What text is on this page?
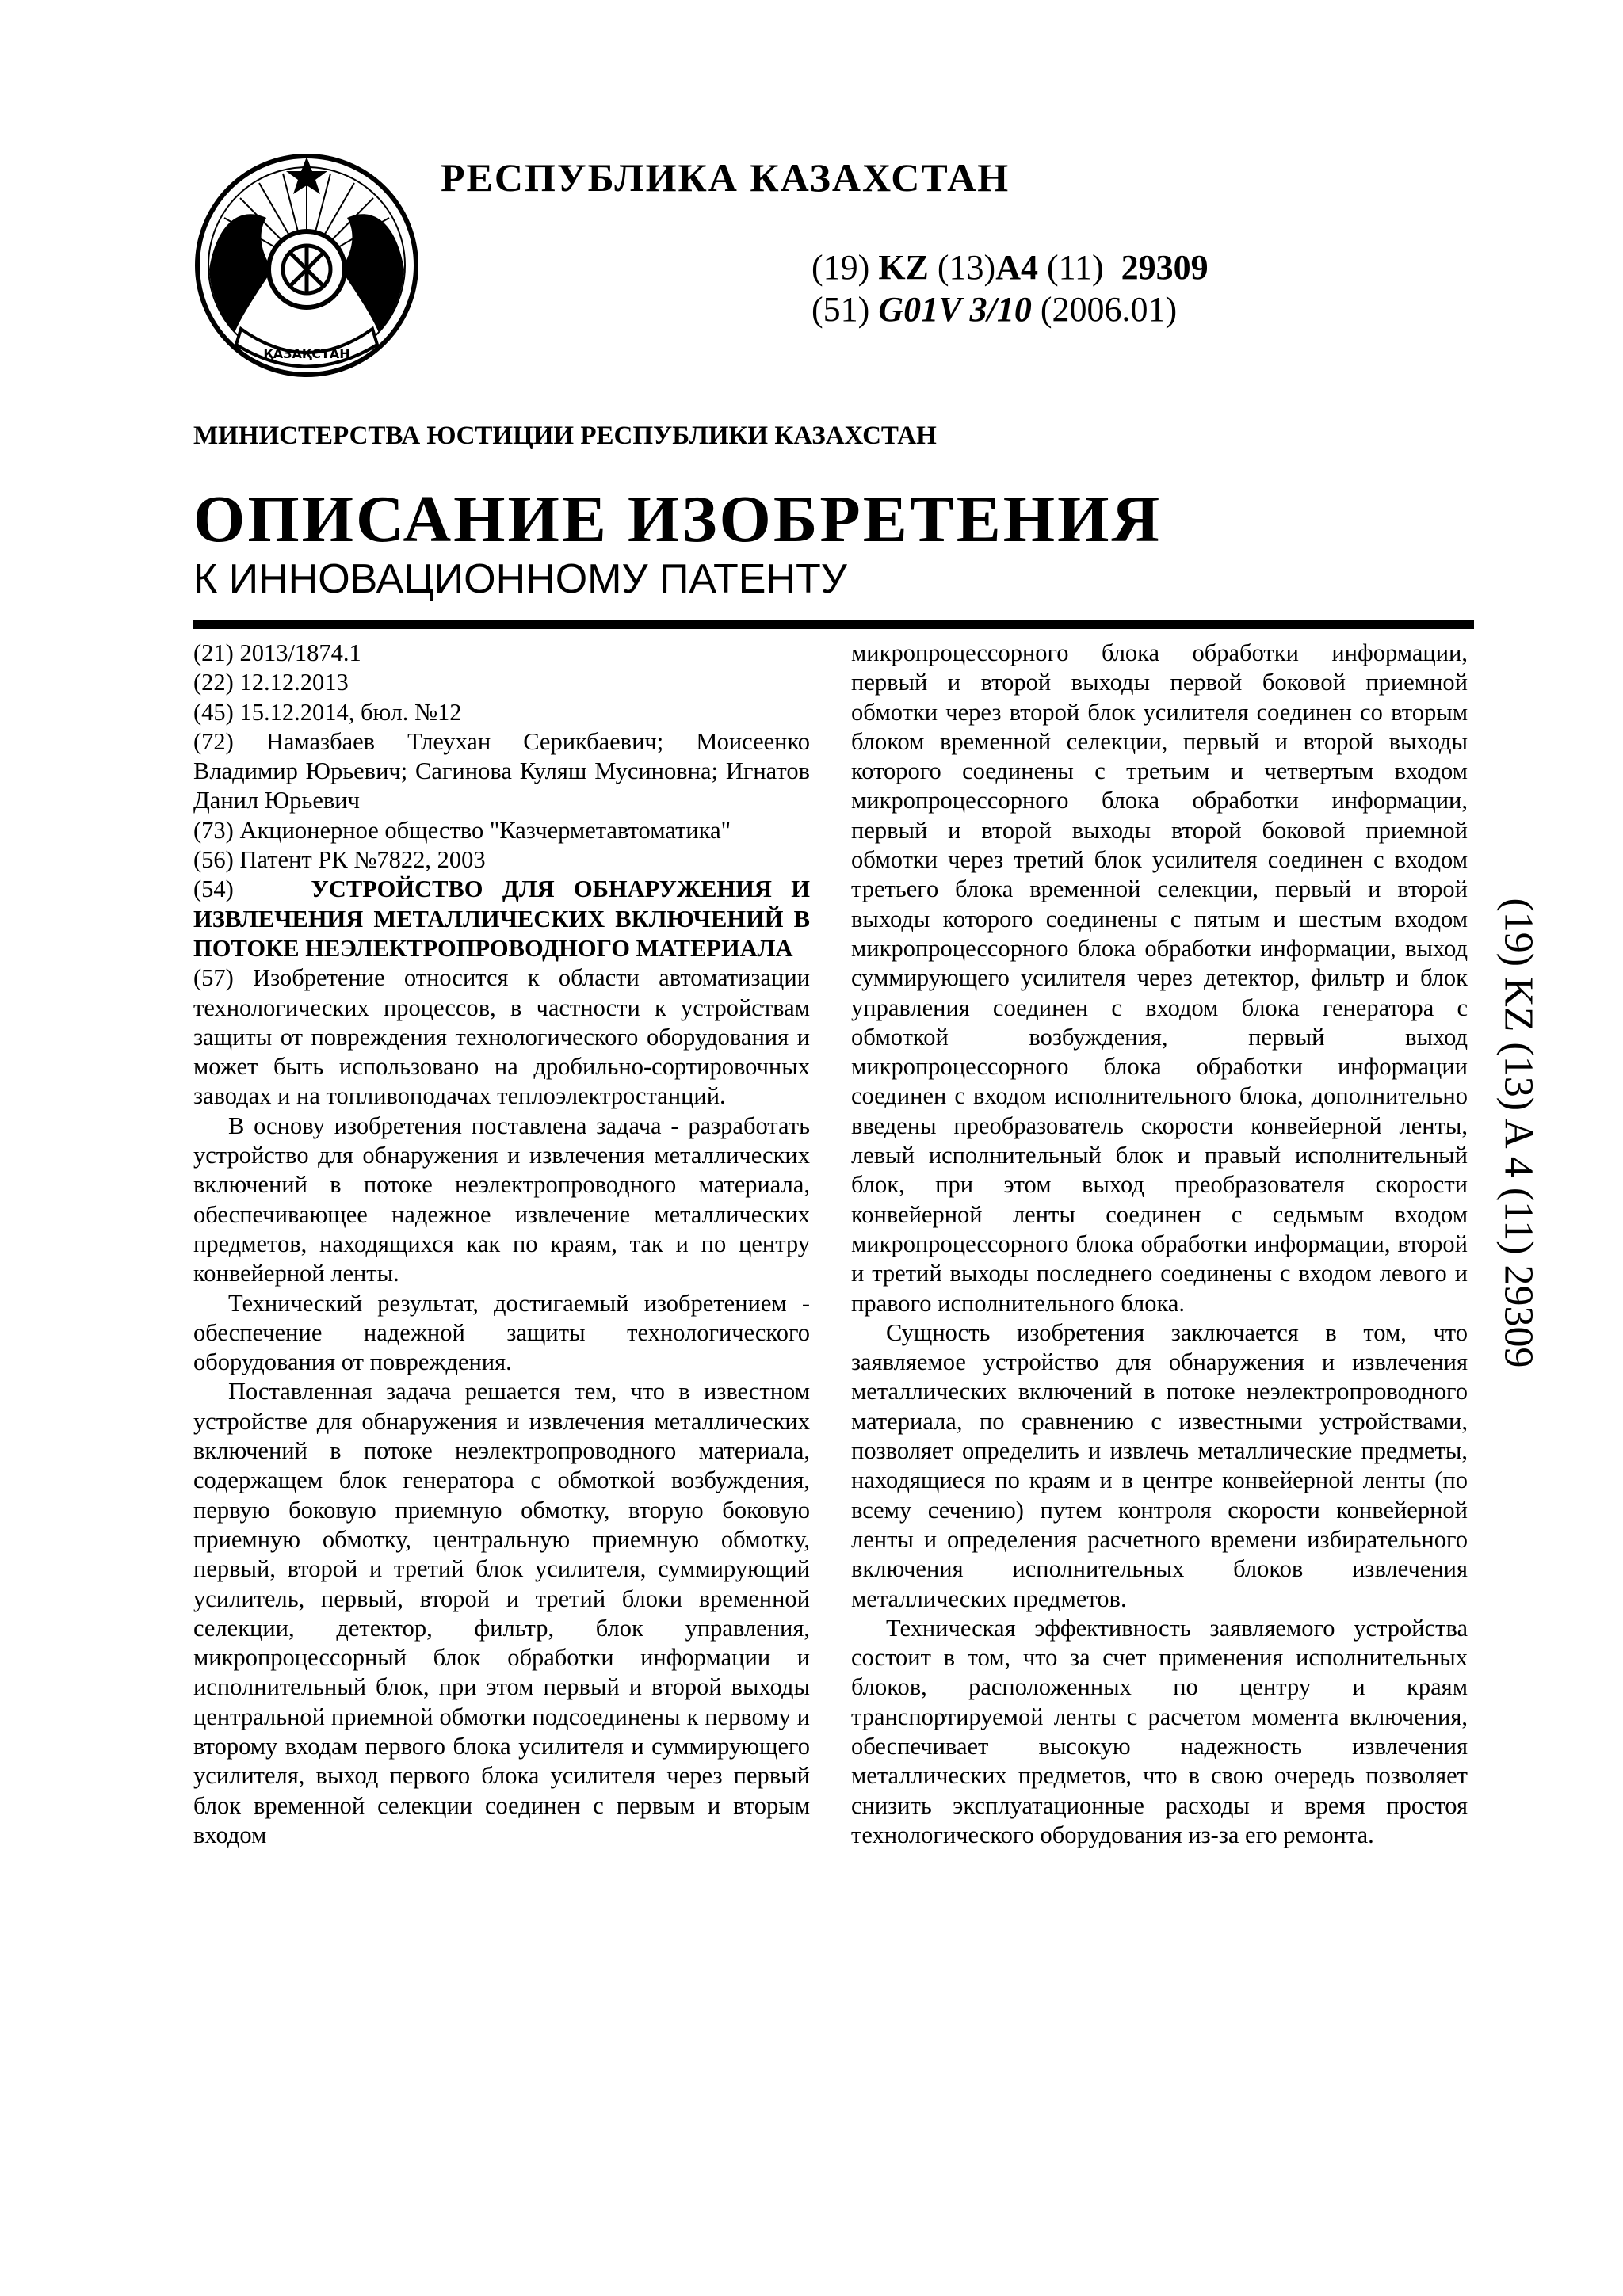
ҚАЗАҚСТАН
РЕСПУБЛИКА КАЗАХСТАН
(19) KZ (13)А4 (11) 29309
(51) G01V 3/10 (2006.01)
МИНИСТЕРСТВА ЮСТИЦИИ РЕСПУБЛИКИ КАЗАХСТАН
ОПИСАНИЕ ИЗОБРЕТЕНИЯ
К ИННОВАЦИОННОМУ ПАТЕНТУ

(21) 2013/1874.1

(22) 12.12.2013

(45) 15.12.2014, бюл. №12

(72) Намазбаев Тлеухан Серикбаевич; Моисеенко Владимир Юрьевич; Сагинова Куляш Мусиновна; Игнатов Данил Юрьевич

(73) Акционерное общество "Казчерметавтоматика"

(56) Патент РК №7822, 2003

(54)	УСТРОЙСТВО ДЛЯ ОБНАРУЖЕНИЯ И ИЗВЛЕЧЕНИЯ МЕТАЛЛИЧЕСКИХ ВКЛЮЧЕНИЙ В ПОТОКЕ НЕЭЛЕКТРОПРОВОДНОГО МАТЕРИАЛА

(57) Изобретение относится к области автоматизации технологических процессов, в частности к устройствам защиты от повреждения технологического оборудования и может быть использовано на дробильно-сортировочных заводах и на топливоподачах теплоэлектростанций.

В основу изобретения поставлена задача - разработать устройство для обнаружения и извлечения металлических включений в потоке неэлектропроводного материала, обеспечивающее надежное извлечение металлических предметов, находящихся как по краям, так и по центру конвейерной ленты.

Технический результат, достигаемый изобретением - обеспечение надежной защиты технологического оборудования от повреждения.

Поставленная задача решается тем, что в известном устройстве для обнаружения и извлечения металлических включений в потоке неэлектропроводного материала, содержащем блок генератора с обмоткой возбуждения, первую боковую приемную обмотку, вторую боковую приемную обмотку, центральную приемную обмотку, первый, второй и третий блок усилителя, суммирующий усилитель, первый, второй и третий блоки временной селекции, детектор, фильтр, блок управления, микропроцессорный блок обработки информации и исполнительный блок, при этом первый и второй выходы центральной приемной обмотки подсоединены к первому и второму входам первого блока усилителя и суммирующего усилителя, выход первого блока усилителя через первый блок временной селекции соединен с первым и вторым входом

микропроцессорного блока обработки информации, первый и второй выходы первой боковой приемной обмотки через второй блок усилителя соединен со вторым блоком временной селекции, первый и второй выходы которого соединены с третьим и четвертым входом микропроцессорного блока обработки информации, первый и второй выходы второй боковой приемной обмотки через третий блок усилителя соединен с входом третьего блока временной селекции, первый и второй выходы которого соединены с пятым и шестым входом микропроцессорного блока обработки информации, выход суммирующего усилителя через детектор, фильтр и блок управления соединен с входом блока генератора с обмоткой возбуждения, первый выход микропроцессорного блока обработки информации соединен с входом исполнительного блока, дополнительно введены преобразователь скорости конвейерной ленты, левый исполнительный блок и правый исполнительный блок, при этом выход преобразователя скорости конвейерной ленты соединен с седьмым входом микропроцессорного блока обработки информации, второй и третий выходы последнего соединены с входом левого и правого исполнительного блока.

Сущность изобретения заключается в том, что заявляемое устройство для обнаружения и извлечения металлических включений в потоке неэлектропроводного материала, по сравнению с известными устройствами, позволяет определить и извлечь металлические предметы, находящиеся по краям и в центре конвейерной ленты (по всему сечению) путем контроля скорости конвейерной ленты и определения расчетного времени избирательного включения исполнительных блоков извлечения металлических предметов.

Техническая эффективность заявляемого устройства состоит в том, что за счет применения исполнительных блоков, расположенных по центру и краям транспортируемой ленты с расчетом момента включения, обеспечивает высокую надежность извлечения металлических предметов, что в свою очередь позволяет снизить эксплуатационные расходы и время простоя технологического оборудования из-за его ремонта.

(19) KZ (13) A 4 (11) 29309
